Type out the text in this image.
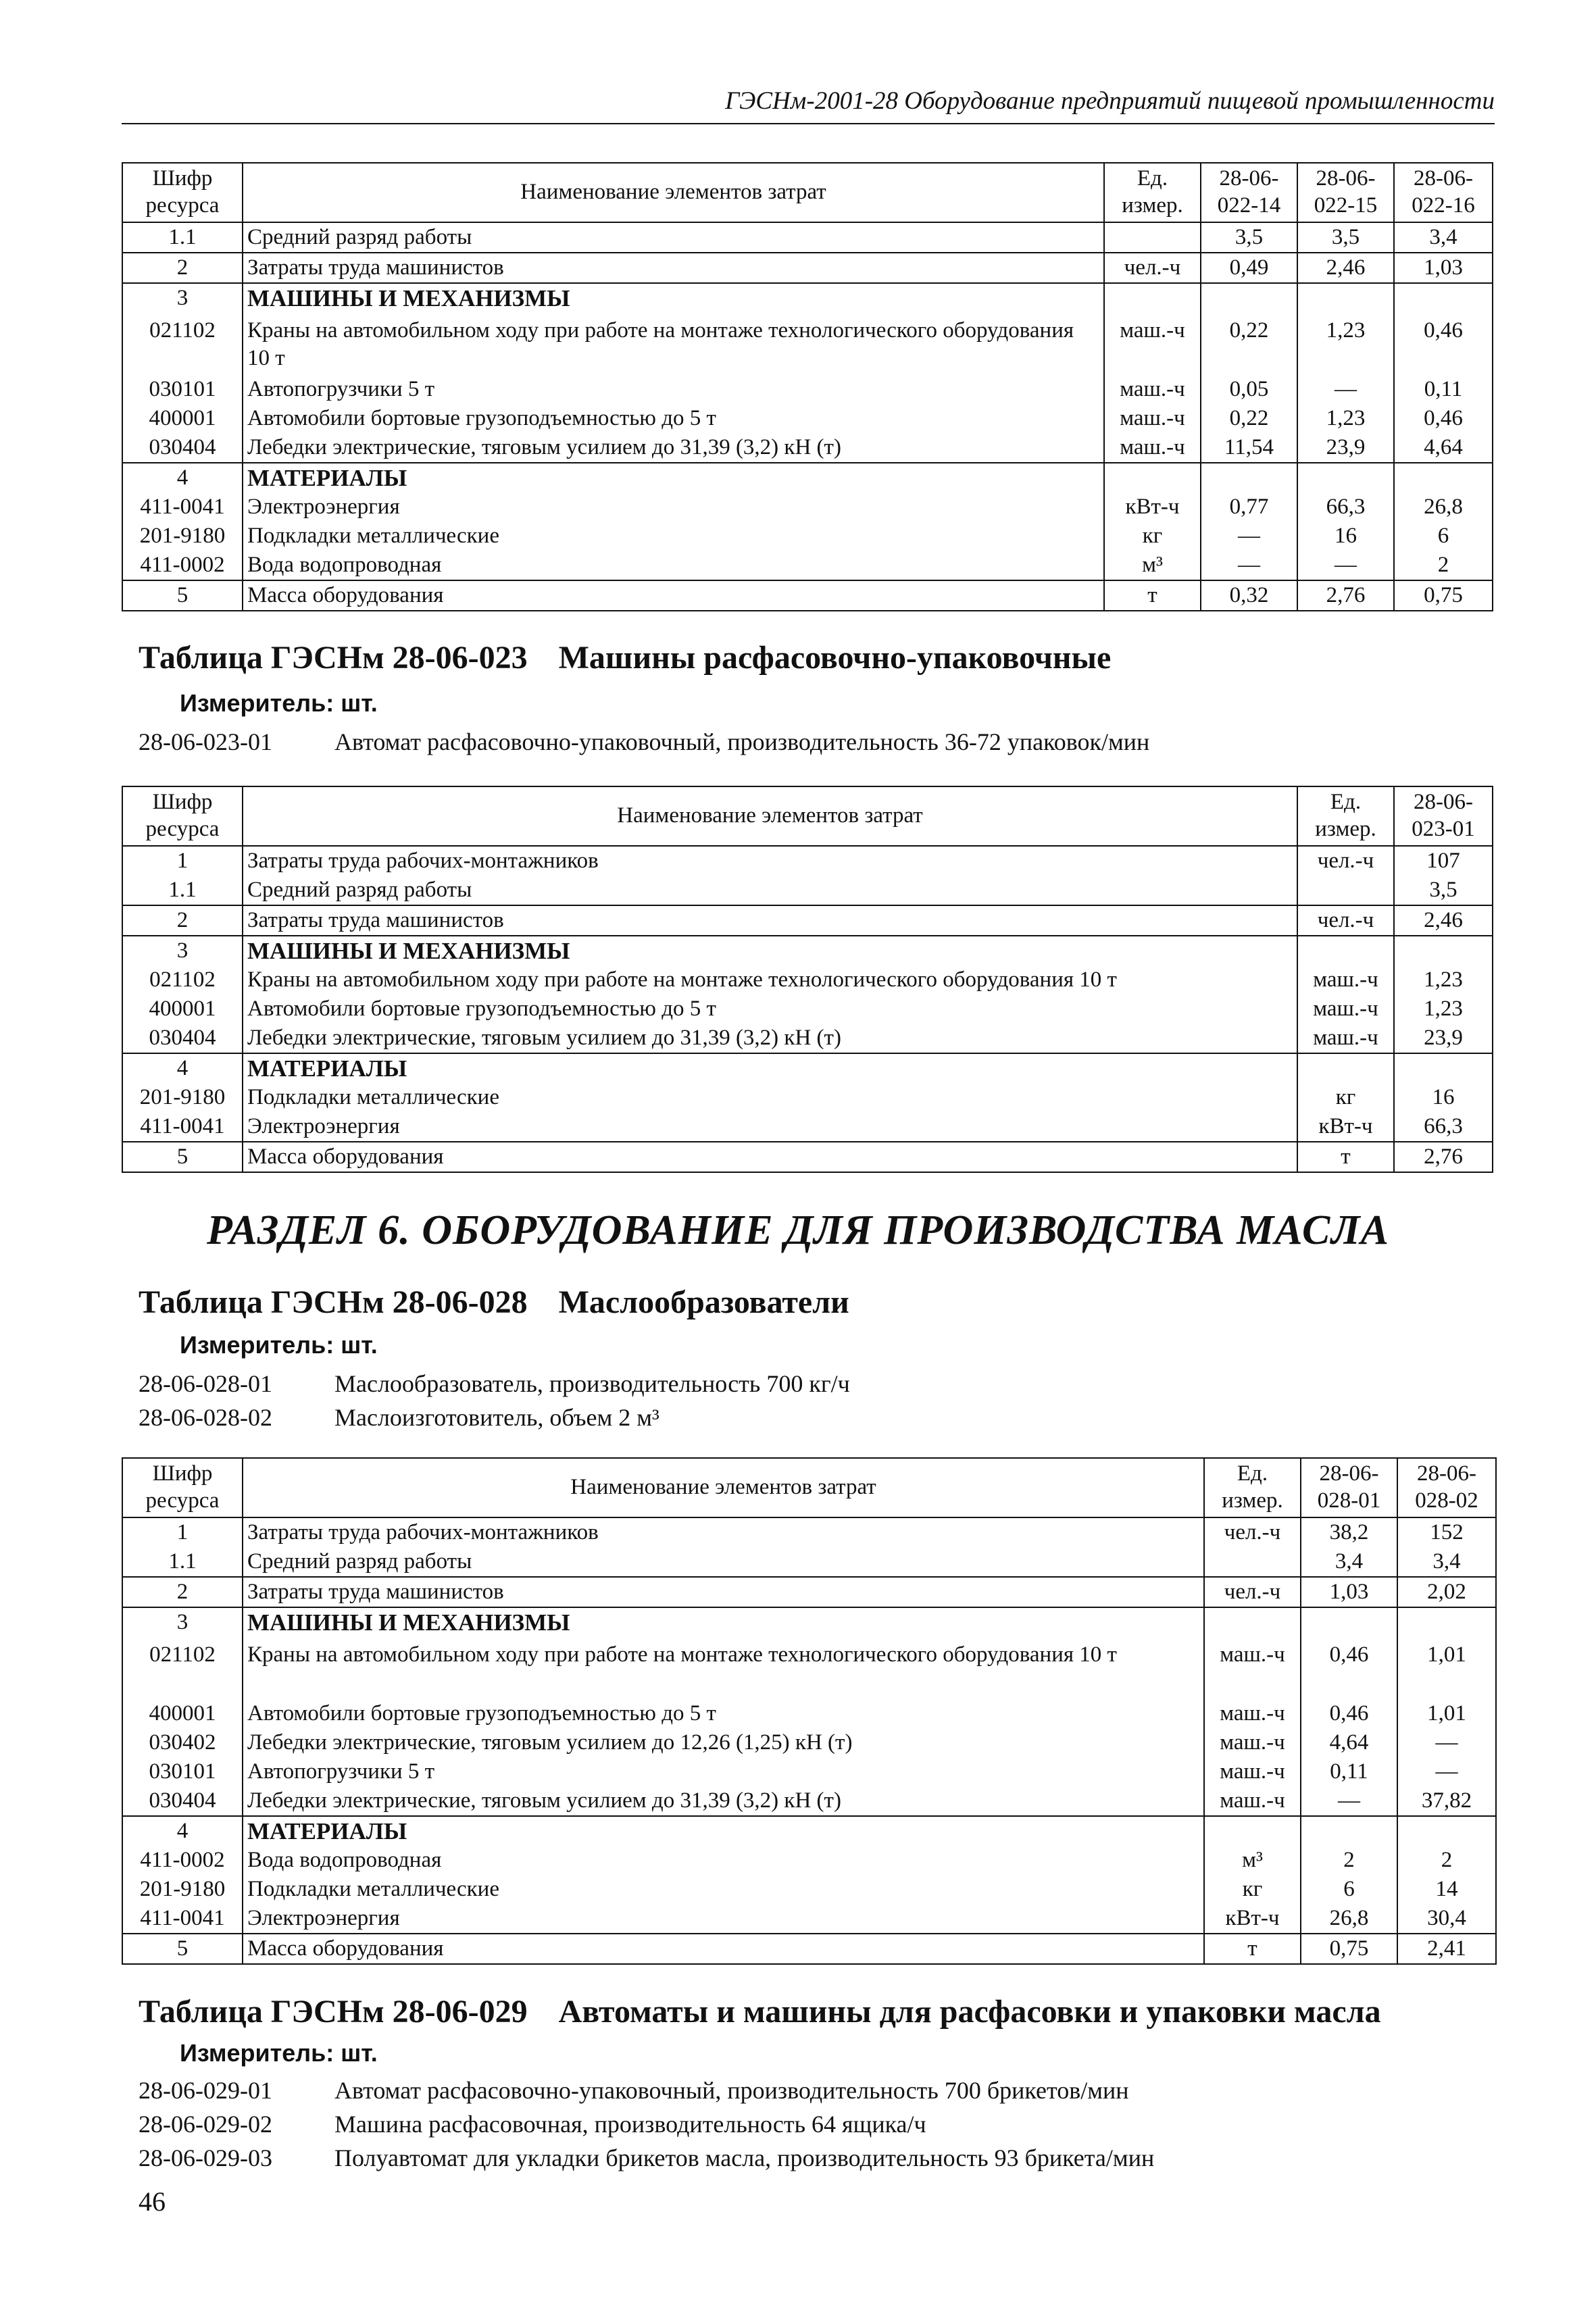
ГЭСНм-2001-28 Оборудование предприятий пищевой промышленности
Шифр ресурса	Наименование элементов затрат	Ед. измер.	28-06-022-14	28-06-022-15	28-06-022-16
1.1	Средний разряд работы		3,5	3,5	3,4
2	Затраты труда машинистов	чел.-ч	0,49	2,46	1,03
3	МАШИНЫ И МЕХАНИЗМЫ				
021102	Краны на автомобильном ходу при работе на монтаже технологического оборудования 10 т	маш.-ч	0,22	1,23	0,46
030101	Автопогрузчики 5 т	маш.-ч	0,05	—	0,11
400001	Автомобили бортовые грузоподъемностью до 5 т	маш.-ч	0,22	1,23	0,46
030404	Лебедки электрические, тяговым усилием до 31,39 (3,2) кН (т)	маш.-ч	11,54	23,9	4,64
4	МАТЕРИАЛЫ				
411-0041	Электроэнергия	кВт-ч	0,77	66,3	26,8
201-9180	Подкладки металлические	кг	—	16	6
411-0002	Вода водопроводная	м³	—	—	2
5	Масса оборудования	т	0,32	2,76	0,75
Таблица ГЭСНм 28-06-023 Машины расфасовочно-упаковочные
Измеритель: шт.
28-06-023-01	Автомат расфасовочно-упаковочный, производительность 36-72 упаковок/мин
Шифр ресурса	Наименование элементов затрат	Ед. измер.	28-06-023-01
1	Затраты труда рабочих-монтажников	чел.-ч	107
1.1	Средний разряд работы		3,5
2	Затраты труда машинистов	чел.-ч	2,46
3	МАШИНЫ И МЕХАНИЗМЫ		
021102	Краны на автомобильном ходу при работе на монтаже технологического оборудования 10 т	маш.-ч	1,23
400001	Автомобили бортовые грузоподъемностью до 5 т	маш.-ч	1,23
030404	Лебедки электрические, тяговым усилием до 31,39 (3,2) кН (т)	маш.-ч	23,9
4	МАТЕРИАЛЫ		
201-9180	Подкладки металлические	кг	16
411-0041	Электроэнергия	кВт-ч	66,3
5	Масса оборудования	т	2,76
РАЗДЕЛ 6. ОБОРУДОВАНИЕ ДЛЯ ПРОИЗВОДСТВА МАСЛА
Таблица ГЭСНм 28-06-028 Маслообразователи
Измеритель: шт.
28-06-028-01	Маслообразователь, производительность 700 кг/ч
28-06-028-02	Маслоизготовитель, объем 2 м³
Шифр ресурса	Наименование элементов затрат	Ед. измер.	28-06-028-01	28-06-028-02
1	Затраты труда рабочих-монтажников	чел.-ч	38,2	152
1.1	Средний разряд работы		3,4	3,4
2	Затраты труда машинистов	чел.-ч	1,03	2,02
3	МАШИНЫ И МЕХАНИЗМЫ			
021102	Краны на автомобильном ходу при работе на монтаже технологического оборудования 10 т	маш.-ч	0,46	1,01
400001	Автомобили бортовые грузоподъемностью до 5 т	маш.-ч	0,46	1,01
030402	Лебедки электрические, тяговым усилием до 12,26 (1,25) кН (т)	маш.-ч	4,64	—
030101	Автопогрузчики 5 т	маш.-ч	0,11	—
030404	Лебедки электрические, тяговым усилием до 31,39 (3,2) кН (т)	маш.-ч	—	37,82
4	МАТЕРИАЛЫ			
411-0002	Вода водопроводная	м³	2	2
201-9180	Подкладки металлические	кг	6	14
411-0041	Электроэнергия	кВт-ч	26,8	30,4
5	Масса оборудования	т	0,75	2,41
Таблица ГЭСНм 28-06-029 Автоматы и машины для расфасовки и упаковки масла
Измеритель: шт.
28-06-029-01	Автомат расфасовочно-упаковочный, производительность 700 брикетов/мин
28-06-029-02	Машина расфасовочная, производительность 64 ящика/ч
28-06-029-03	Полуавтомат для укладки брикетов масла, производительность 93 брикета/мин
46
